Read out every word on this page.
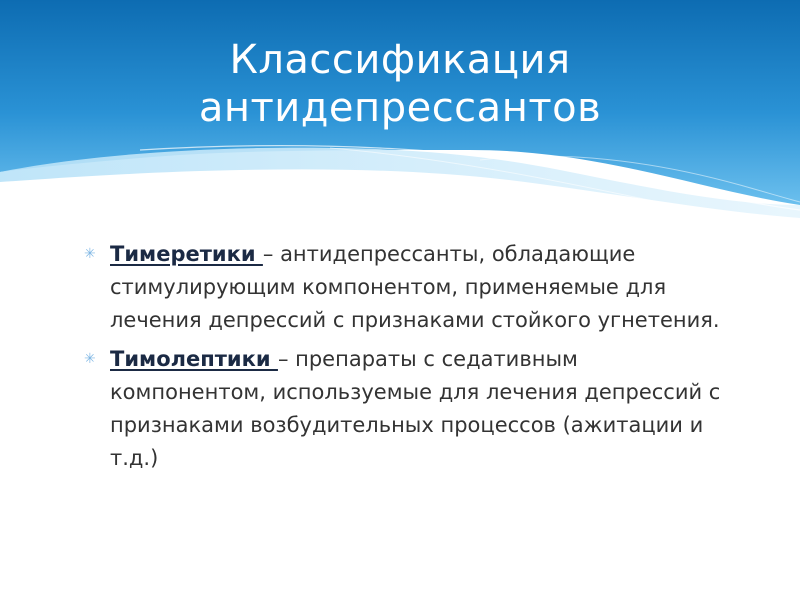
Классификация
антидепрессантов
✳ Тимеретики – антидепрессанты, обладающие стимулирующим компонентом, применяемые для лечения депрессий с признаками стойкого угнетения.
✳ Тимолептики – препараты с седативным компонентом, используемые для лечения депрессий с признаками возбудительных процессов (ажитации и т.д.)
